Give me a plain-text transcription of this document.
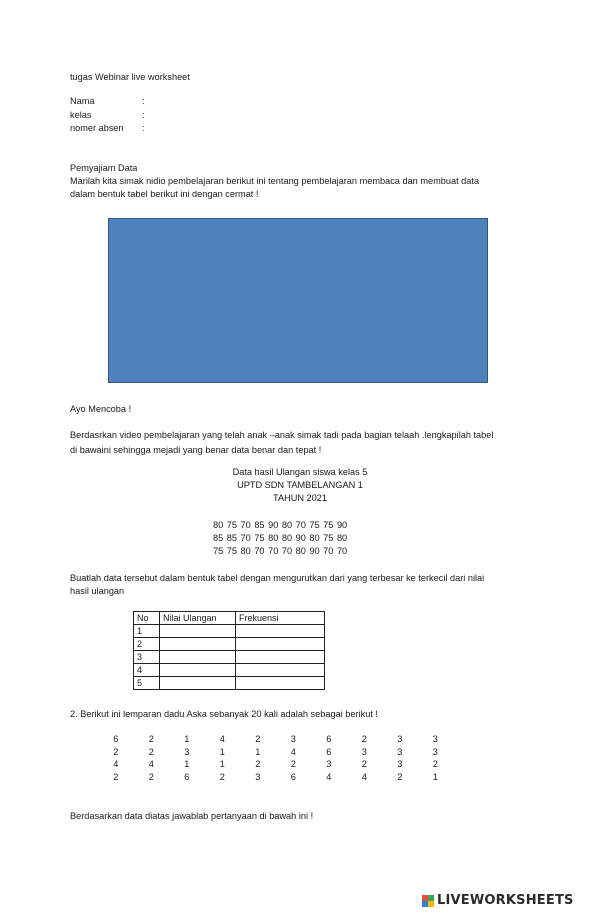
tugas Webinar live worksheet
Nama	:
kelas	:
nomer absen :
Pemyajiam Data
Marilah kita simak nidio pembelajaran berikut ini tentang pembelajaran membaca dan membuat data
dalam bentuk tabel berikut ini dengan cermat !
Ayo Mencoba !
Berdasrkan video pembelajaran yang telah anak –anak simak tadi pada bagian telaah .lengkapilah tabel
di bawaini sehingga mejadi yang benar data benar dan tepat !
Data hasil Ulangan siswa kelas 5
UPTD SDN TAMBELANGAN 1
TAHUN 2021
80 75 70 85 90 80 70 75 75 90
85 85 70 75 80 80 90 80 75 80
75 75 80 70 70 70 80 90 70 70
Buatlah data tersebut dalam bentuk tabel dengan mengurutkan dari yang terbesar ke terkecil dari nilai
hasil ulangan
No	Nilai Ulangan	Frekuensi
1		
2		
3		
4		
5		
2. Berikut ini lemparan dadu Aska sebanyak 20 kali adalah sebagai berikut !
6	2	1	4	2	3	6	2	3	3
2	2	3	1	1	4	6	3	3	3
4	4	1	1	2	2	3	2	3	2
2	2	6	2	3	6	4	4	2	1
Berdasarkan data diatas jawablab pertanyaan di bawah ini !
LIVEWORKSHEETS
